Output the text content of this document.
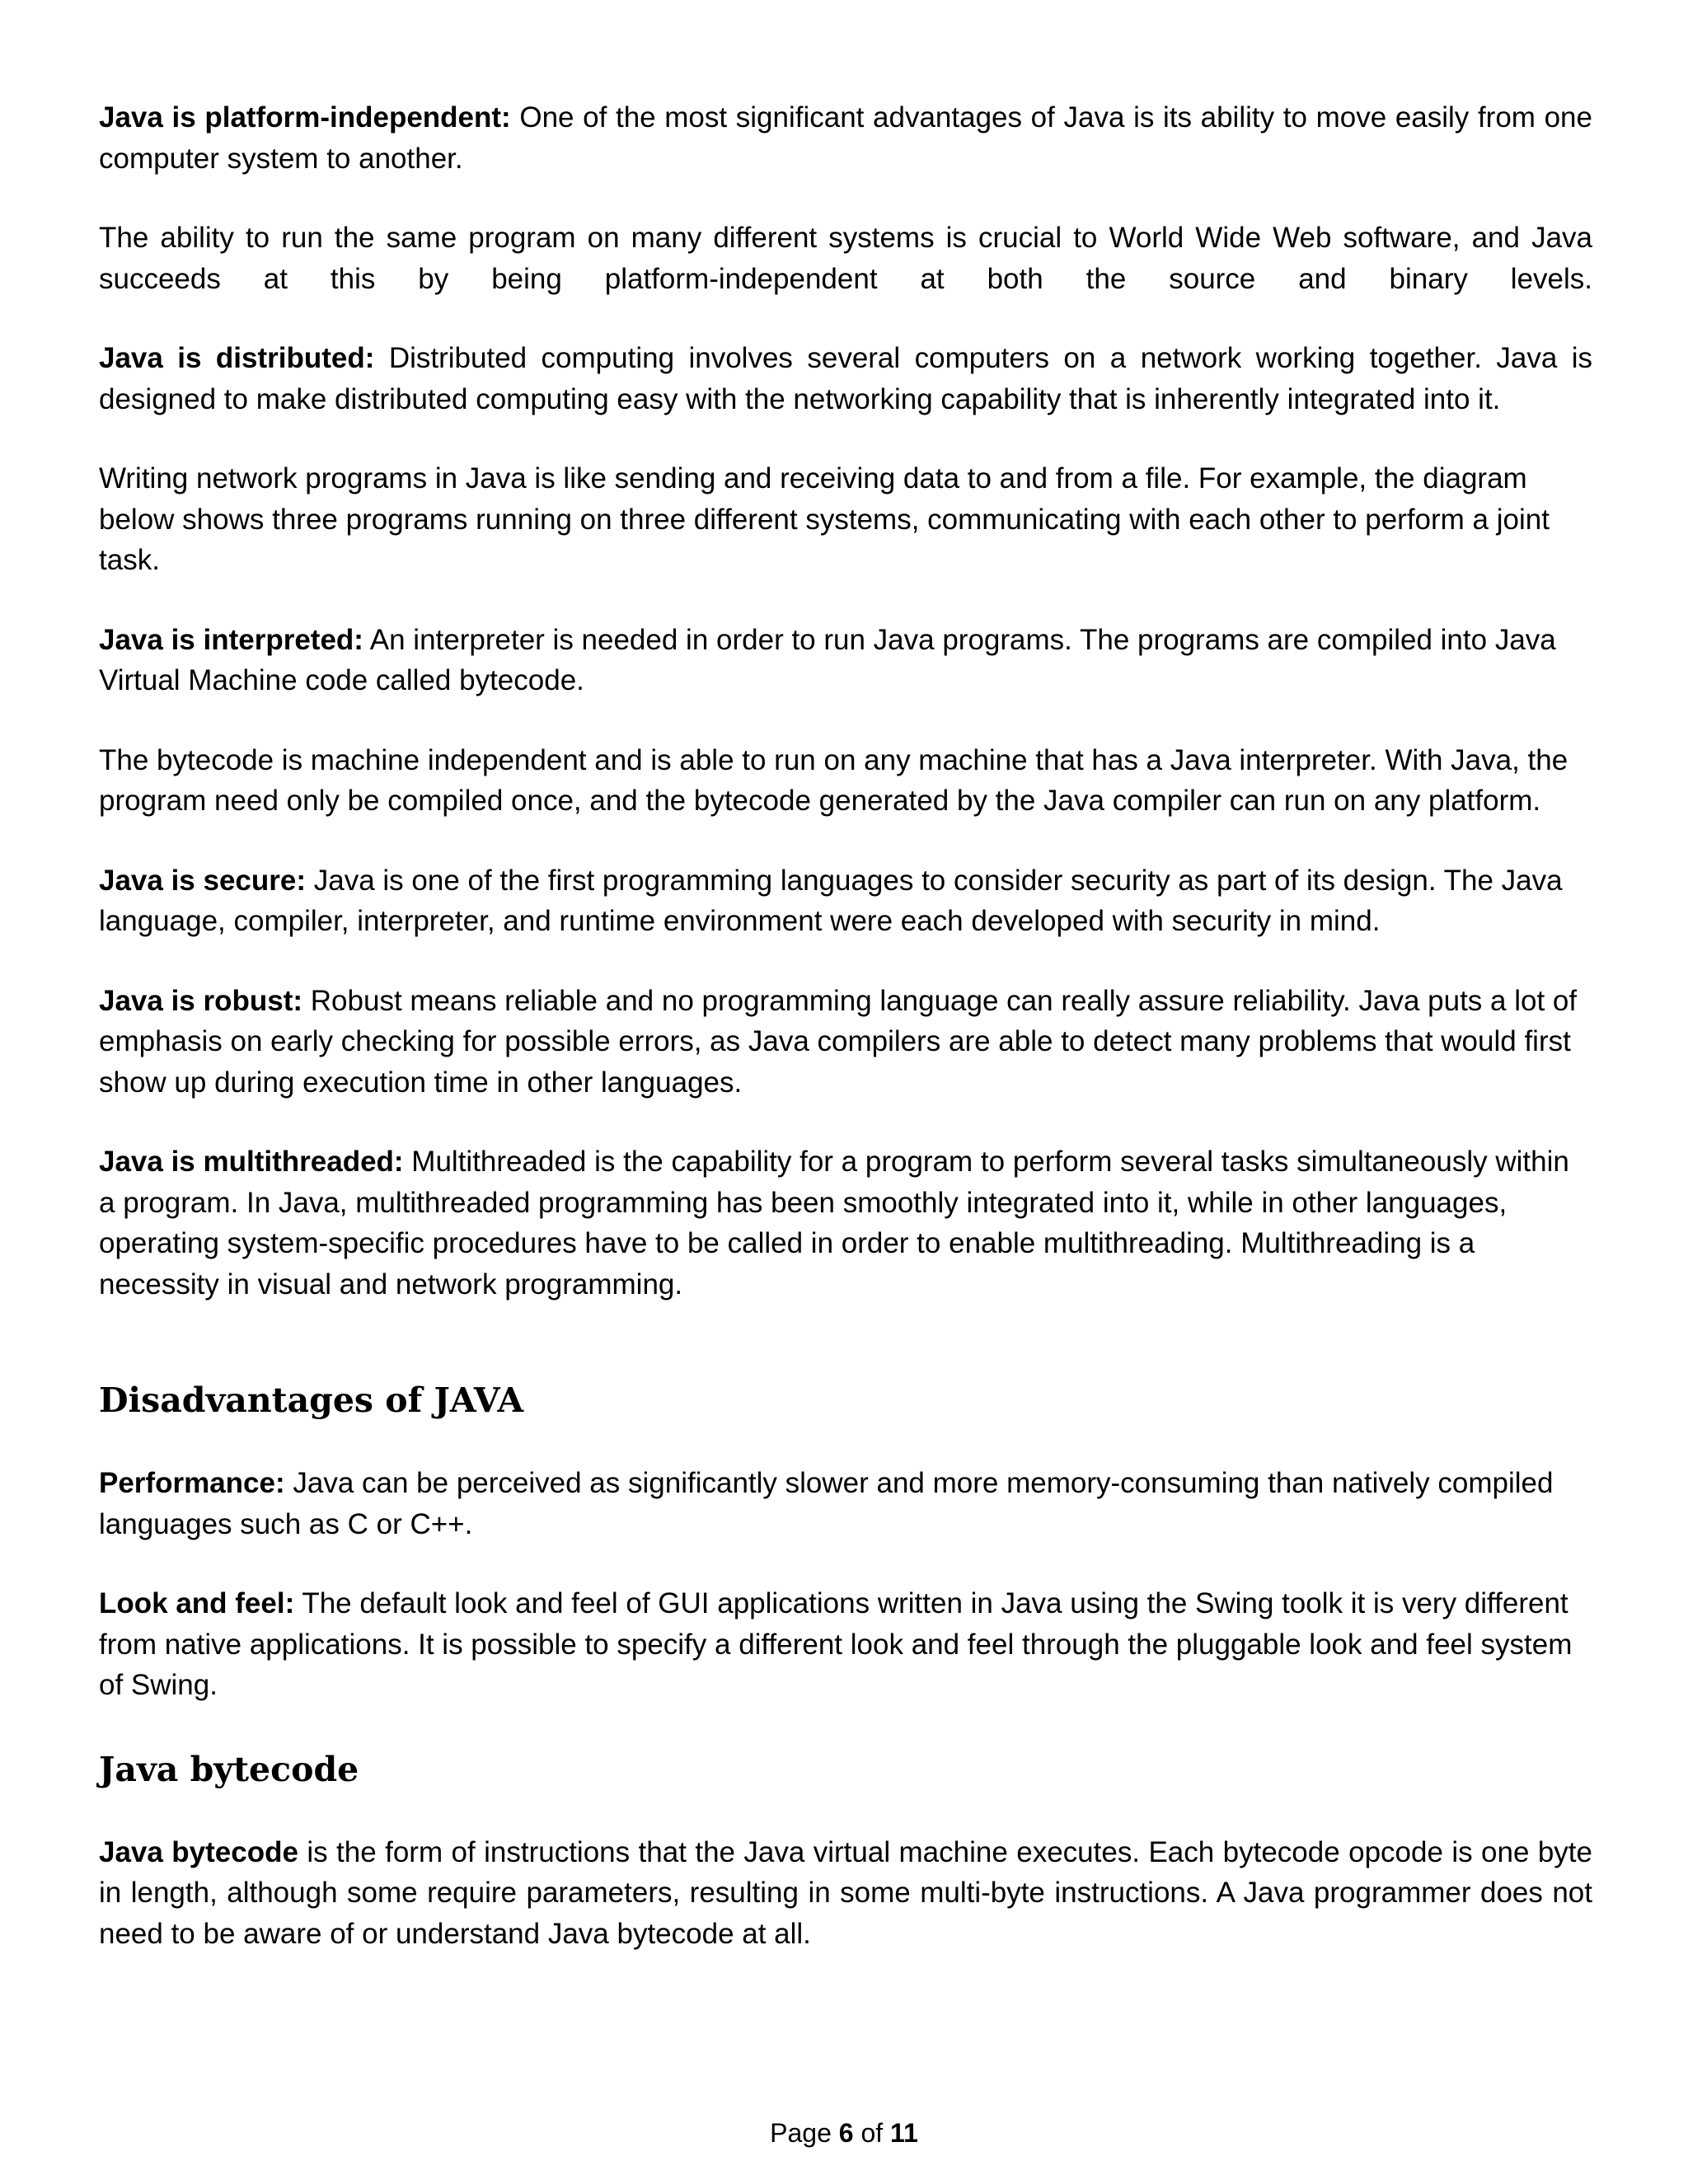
Java is platform-independent: One of the most significant advantages of Java is its ability to move easily from one computer system to another.

The ability to run the same program on many different systems is crucial to World Wide Web software, and Java succeeds at this by being platform-independent at both the source and binary levels.

Java is distributed: Distributed computing involves several computers on a network working together. Java is designed to make distributed computing easy with the networking capability that is inherently integrated into it.

Writing network programs in Java is like sending and receiving data to and from a file. For example, the diagram below shows three programs running on three different systems, communicating with each other to perform a joint task.

Java is interpreted: An interpreter is needed in order to run Java programs. The programs are compiled into Java Virtual Machine code called bytecode.

The bytecode is machine independent and is able to run on any machine that has a Java interpreter. With Java, the program need only be compiled once, and the bytecode generated by the Java compiler can run on any platform.

Java is secure: Java is one of the first programming languages to consider security as part of its design. The Java language, compiler, interpreter, and runtime environment were each developed with security in mind.

Java is robust: Robust means reliable and no programming language can really assure reliability. Java puts a lot of emphasis on early checking for possible errors, as Java compilers are able to detect many problems that would first show up during execution time in other languages.

Java is multithreaded: Multithreaded is the capability for a program to perform several tasks simultaneously within a program. In Java, multithreaded programming has been smoothly integrated into it, while in other languages, operating system-specific procedures have to be called in order to enable multithreading. Multithreading is a necessity in visual and network programming.

Disadvantages of JAVA

Performance: Java can be perceived as significantly slower and more memory-consuming than natively compiled languages such as C or C++.

Look and feel: The default look and feel of GUI applications written in Java using the Swing toolk it is very different from native applications. It is possible to specify a different look and feel through the pluggable look and feel system of Swing.

Java bytecode

Java bytecode is the form of instructions that the Java virtual machine executes. Each bytecode opcode is one byte in length, although some require parameters, resulting in some multi-byte instructions. A Java programmer does not need to be aware of or understand Java bytecode at all.

Page 6 of 11
